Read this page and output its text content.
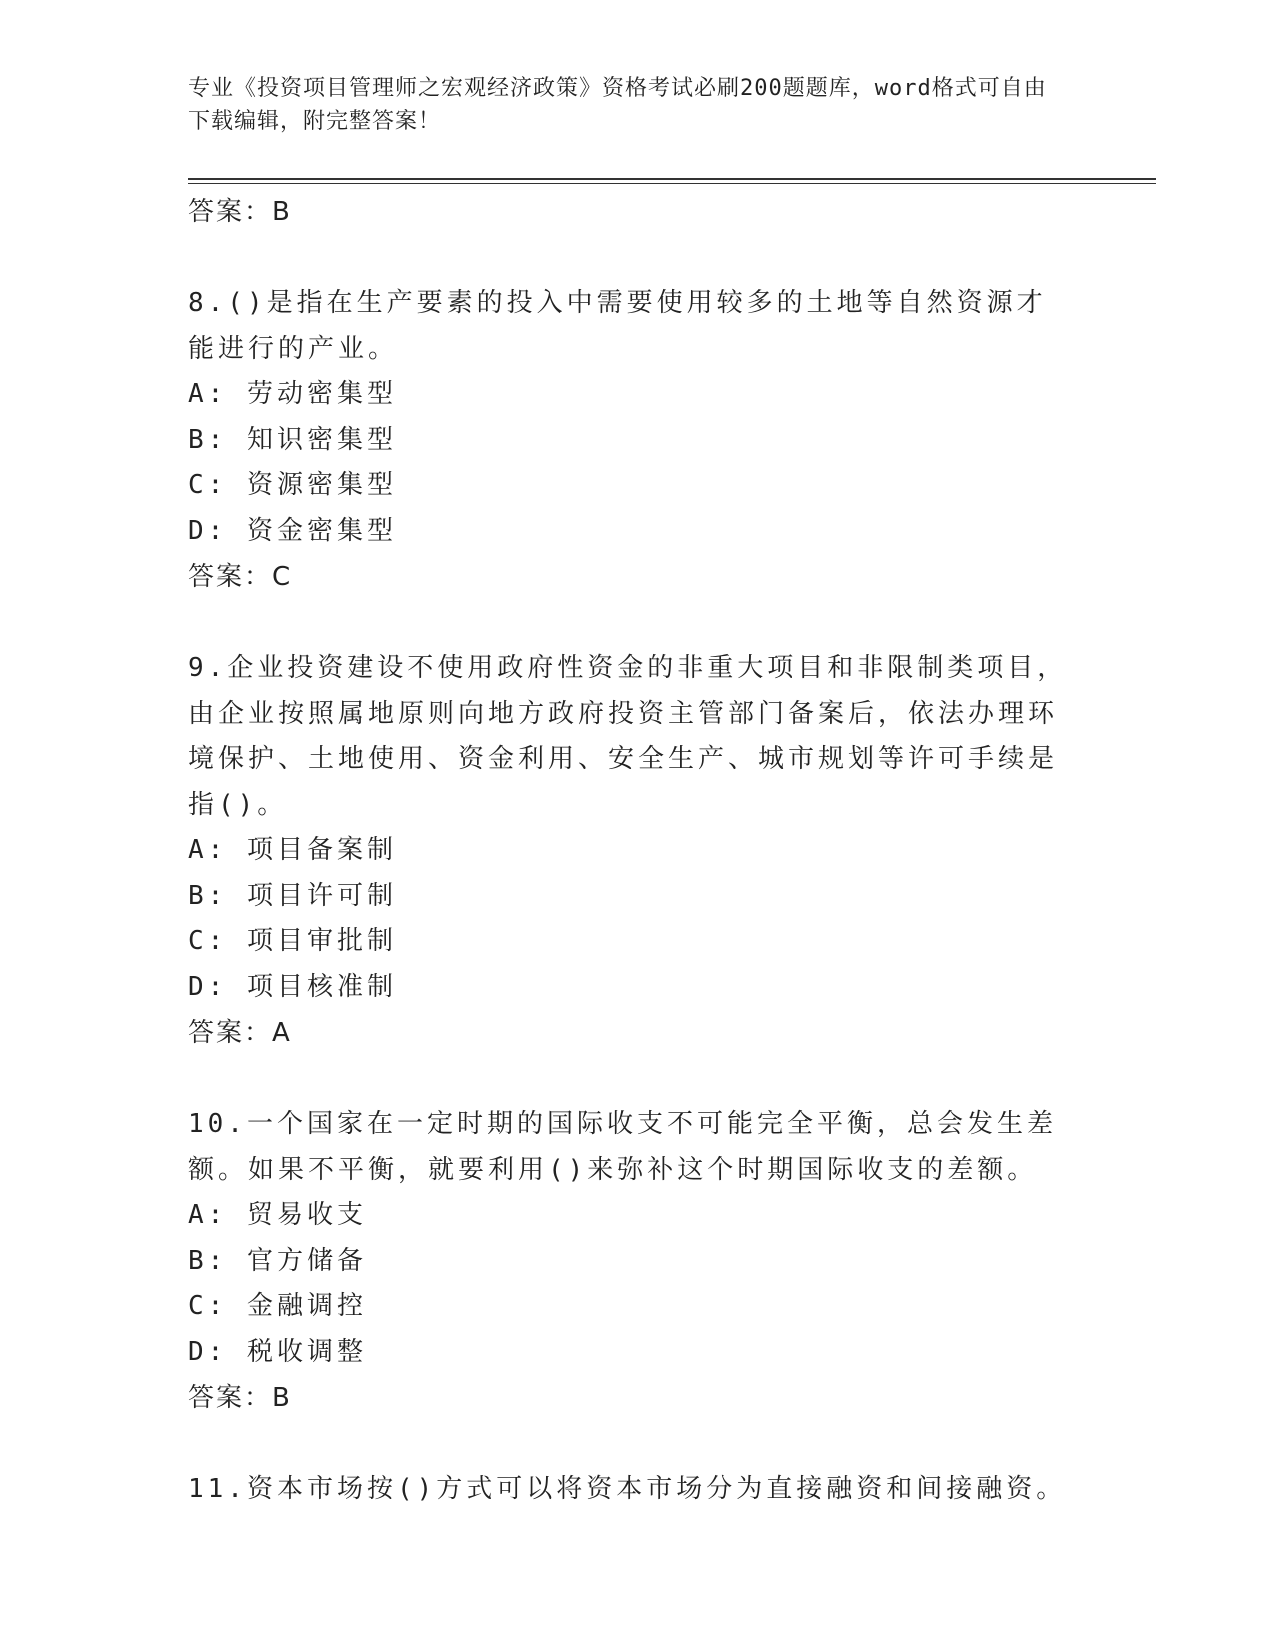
专业《投资项目管理师之宏观经济政策》资格考试必刷200题题库，word格式可自由下载编辑，附完整答案！
答案：B
8.()是指在生产要素的投入中需要使用较多的土地等自然资源才能进行的产业。
A: 劳动密集型
B: 知识密集型
C: 资源密集型
D: 资金密集型
答案：C
9.企业投资建设不使用政府性资金的非重大项目和非限制类项目，由企业按照属地原则向地方政府投资主管部门备案后，依法办理环境保护、土地使用、资金利用、安全生产、城市规划等许可手续是指()。
A: 项目备案制
B: 项目许可制
C: 项目审批制
D: 项目核准制
答案：A
10.一个国家在一定时期的国际收支不可能完全平衡，总会发生差额。如果不平衡，就要利用()来弥补这个时期国际收支的差额。
A: 贸易收支
B: 官方储备
C: 金融调控
D: 税收调整
答案：B
11.资本市场按()方式可以将资本市场分为直接融资和间接融资。
